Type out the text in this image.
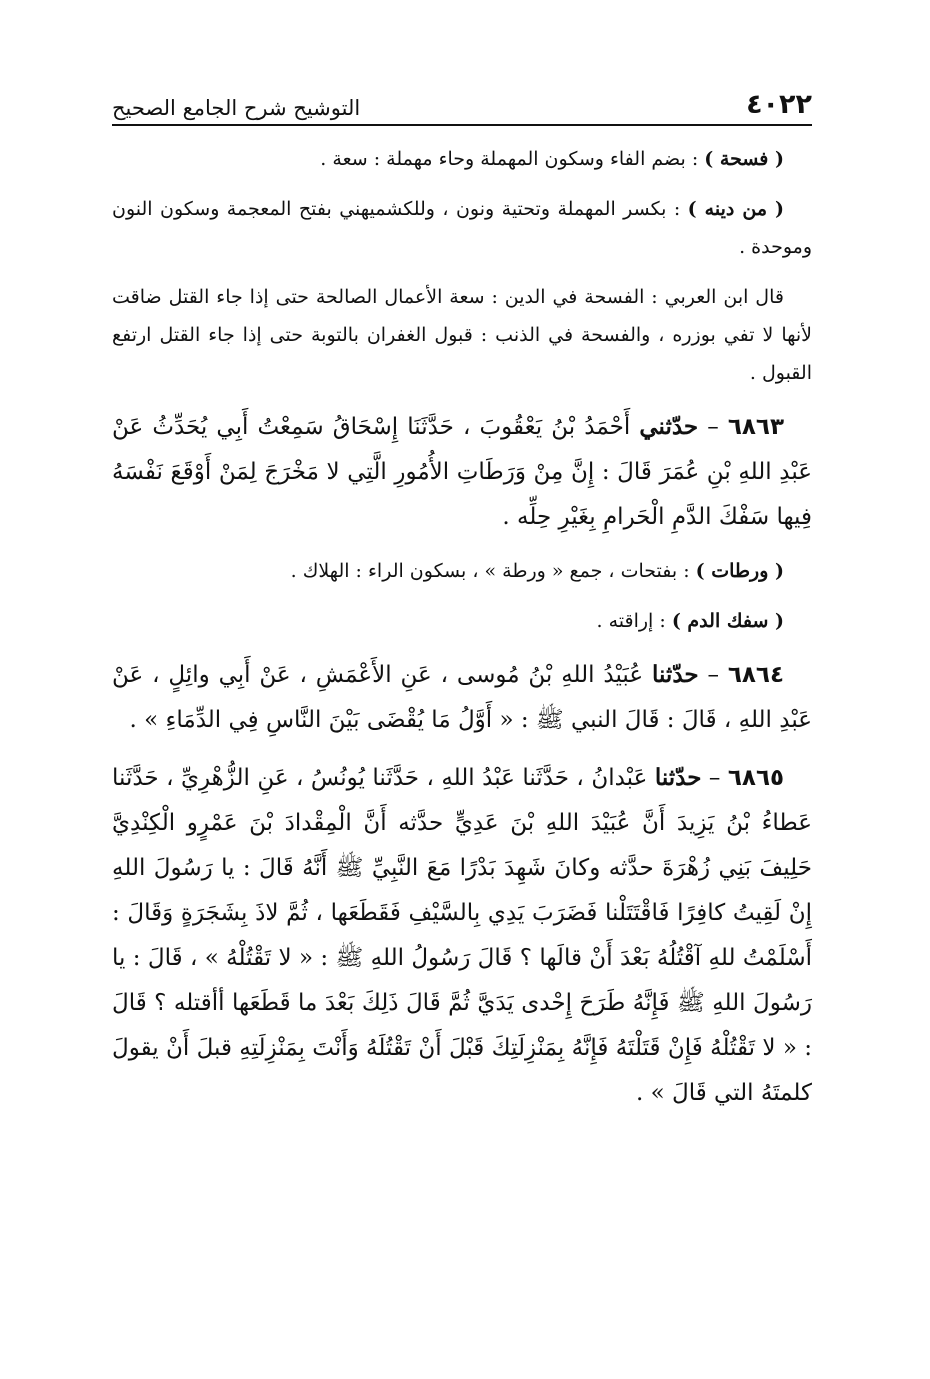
٤٠٢٢
التوشيح شرح الجامع الصحيح

( فسحة ) : بضم الفاء وسكون المهملة وحاء مهملة : سعة .

( من دينه ) : بكسر المهملة وتحتية ونون ، وللكشميهني بفتح المعجمة وسكون النون وموحدة .

قال ابن العربي : الفسحة في الدين : سعة الأعمال الصالحة حتى إذا جاء القتل ضاقت لأنها لا تفي بوزره ، والفسحة في الذنب : قبول الغفران بالتوبة حتى إذا جاء القتل ارتفع القبول .

٦٨٦٣ – حدّثني أَحْمَدُ بْنُ يَعْقُوبَ ، حَدَّثَنَا إِسْحَاقُ سَمِعْتُ أَبِي يُحَدِّثُ عَنْ عَبْدِ اللهِ بْنِ عُمَرَ قَالَ : إِنَّ مِنْ وَرَطَاتِ الأُمُورِ الَّتِي لا مَخْرَجَ لِمَنْ أَوْقَعَ نَفْسَهُ فِيها سَفْكَ الدَّمِ الْحَرامِ بِغَيْرِ حِلِّه .

( ورطات ) : بفتحات ، جمع « ورطة » ، بسكون الراء : الهلاك .

( سفك الدم ) : إراقته .

٦٨٦٤ – حدّثنا عُبَيْدُ اللهِ بْنُ مُوسى ، عَنِ الأَعْمَشِ ، عَنْ أَبِي وائِلٍ ، عَنْ عَبْدِ اللهِ ، قَالَ : قَالَ النبي ﷺ : « أَوَّلُ مَا يُقْضَى بَيْنَ النَّاسِ فِي الدِّمَاءِ » .

٦٨٦٥ – حدّثنا عَبْدانُ ، حَدَّثَنا عَبْدُ اللهِ ، حَدَّثَنا يُونُسُ ، عَنِ الزُّهْرِيِّ ، حَدَّثَنا عَطاءُ بْنُ يَزِيدَ أَنَّ عُبَيْدَ اللهِ بْنَ عَدِيٍّ حدَّثه أَنَّ الْمِقْدادَ بْنَ عَمْرٍو الْكِنْدِيَّ حَلِيفَ بَنِي زُهْرَةَ حدَّثه وكانَ شَهِدَ بَدْرًا مَعَ النَّبِيِّ ﷺ أَنَّهُ قَالَ : يا رَسُولَ اللهِ إِنْ لَقِيتُ كافِرًا فَاقْتَتَلْنا فَضَرَبَ يَدِي بِالسَّيْفِ فَقَطَعَها ، ثُمَّ لاذَ بِشَجَرَةٍ وَقَالَ : أَسْلَمْتُ للهِ آقْتُلُهُ بَعْدَ أَنْ قالَها ؟ قَالَ رَسُولُ اللهِ ﷺ : « لا تَقْتُلْهُ » ، قَالَ : يا رَسُولَ اللهِ ﷺ فَإِنَّهُ طَرَحَ إِحْدى يَدَيَّ ثُمَّ قَالَ ذَلِكَ بَعْدَ ما قَطَعَها أأقتله ؟ قَالَ : « لا تَقْتُلْهُ فَإِنْ قَتَلْتَهُ فَإِنَّهُ بِمَنْزِلَتِكَ قَبْلَ أَنْ تَقْتُلَهُ وَأَنْتَ بِمَنْزِلَتِهِ قبلَ أَنْ يقولَ كلمتَهُ التي قَالَ » .
